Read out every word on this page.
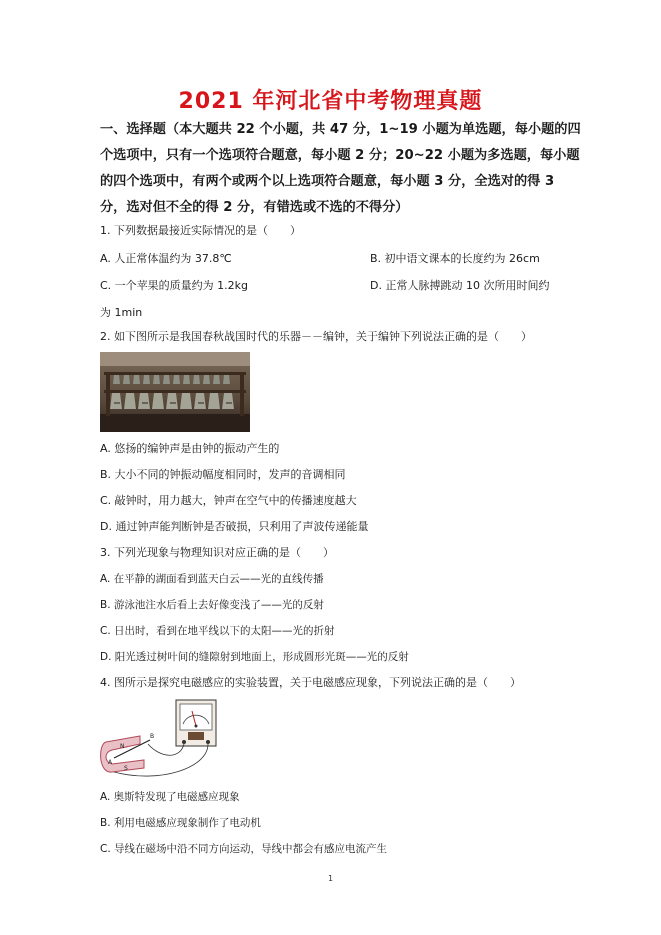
2021 年河北省中考物理真题
一、选择题（本大题共 22 个小题，共 47 分，1~19 小题为单选题，每小题的四
个选项中，只有一个选项符合题意，每小题 2 分；20~22 小题为多选题，每小题
的四个选项中，有两个或两个以上选项符合题意，每小题 3 分，全选对的得 3
分，选对但不全的得 2 分，有错选或不选的不得分）
1. 下列数据最接近实际情况的是（　　）
A. 人正常体温约为 37.8℃	B. 初中语文课本的长度约为 26cm
C. 一个苹果的质量约为 1.2kg	D. 正常人脉搏跳动 10 次所用时间约
为 1min
2. 如下图所示是我国春秋战国时代的乐器－－编钟，关于编钟下列说法正确的是（　　）
A. 悠扬的编钟声是由钟的振动产生的
B. 大小不同的钟振动幅度相同时，发声的音调相同
C. 敲钟时，用力越大，钟声在空气中的传播速度越大
D. 通过钟声能判断钟是否破损，只利用了声波传递能量
3. 下列光现象与物理知识对应正确的是（　　）
A. 在平静的湖面看到蓝天白云——光的直线传播
B. 游泳池注水后看上去好像变浅了——光的反射
C. 日出时，看到在地平线以下的太阳——光的折射
D. 阳光透过树叶间的缝隙射到地面上，形成圆形光斑——光的反射
4. 图所示是探究电磁感应的实验装置，关于电磁感应现象，下列说法正确的是（　　）
N
S
A
B
A. 奥斯特发现了电磁感应现象
B. 利用电磁感应现象制作了电动机
C. 导线在磁场中沿不同方向运动，导线中都会有感应电流产生
1
